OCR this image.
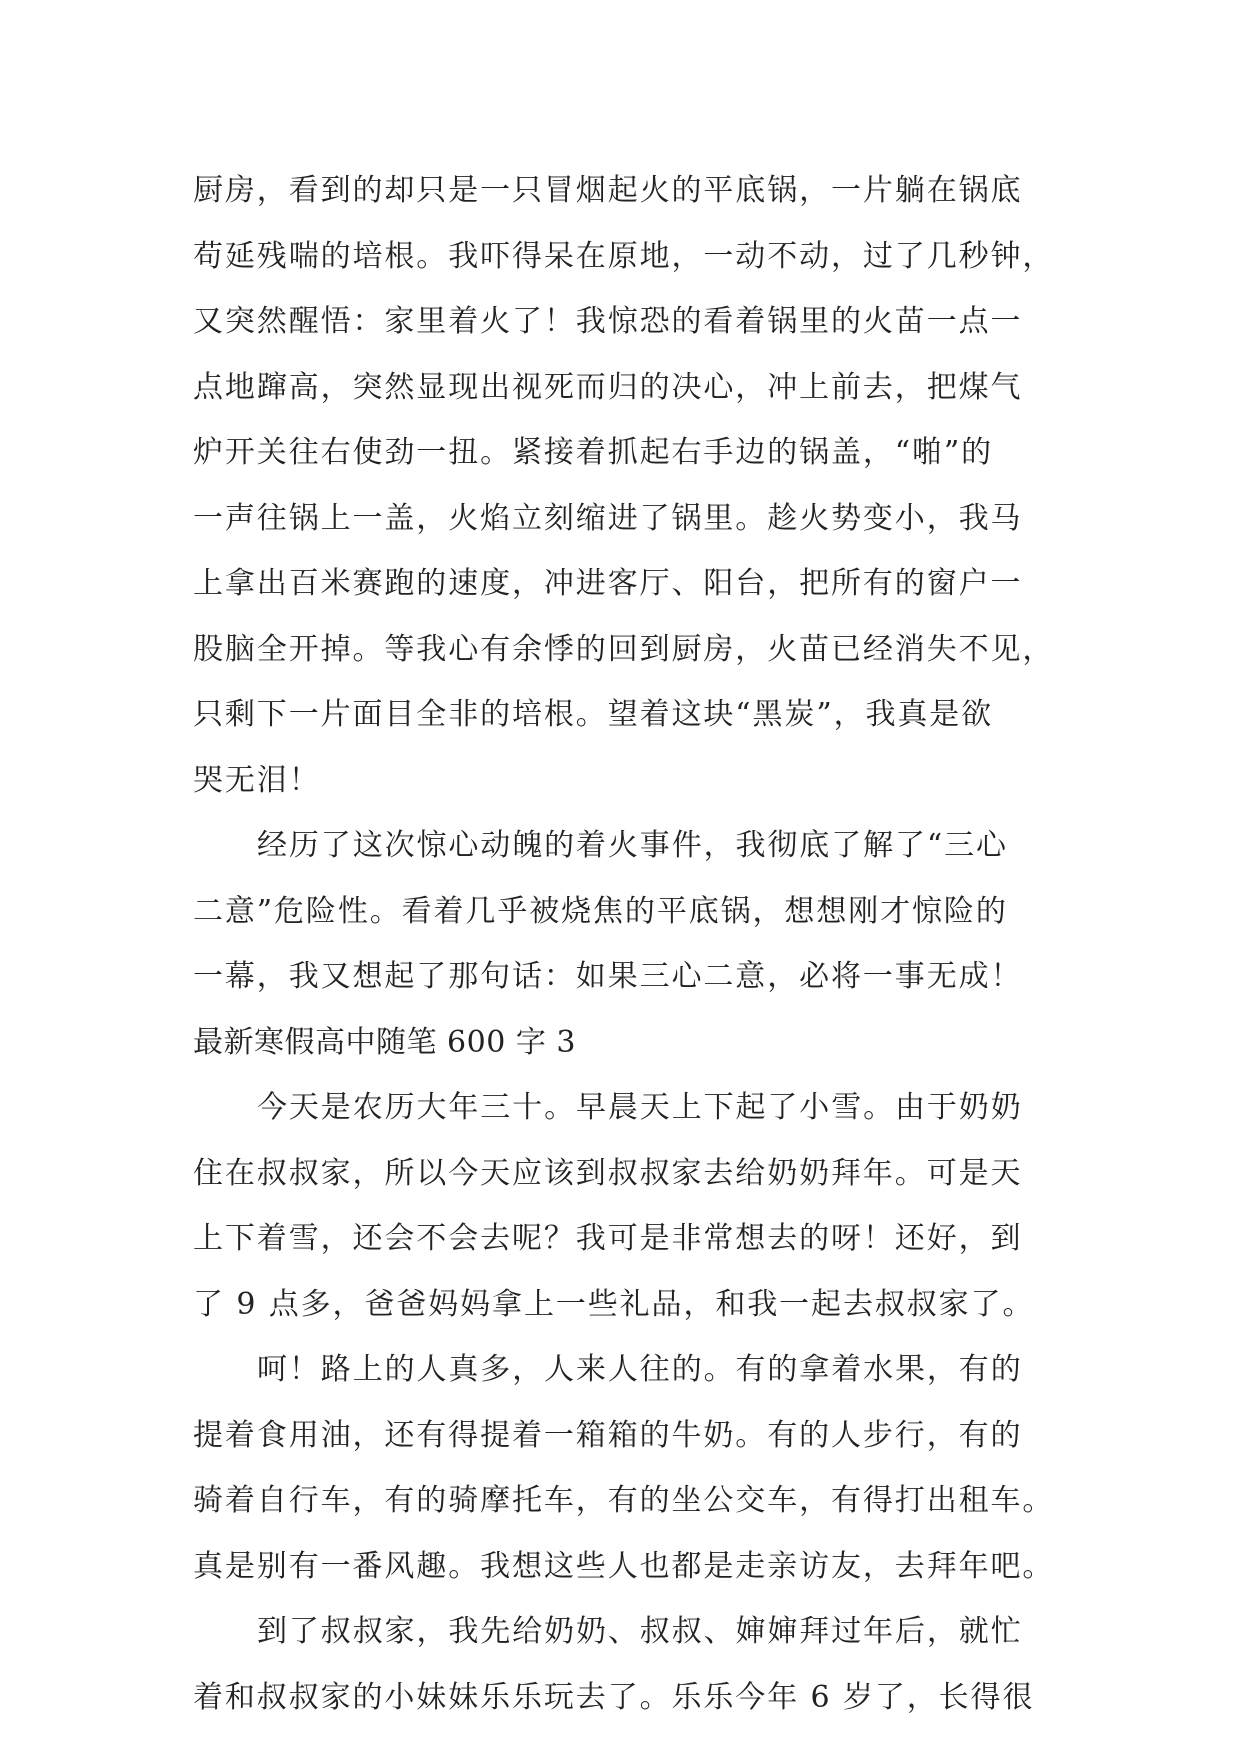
厨房，看到的却只是一只冒烟起火的平底锅，一片躺在锅底
苟延残喘的培根。我吓得呆在原地，一动不动，过了几秒钟，
又突然醒悟：家里着火了！我惊恐的看着锅里的火苗一点一
点地蹿高，突然显现出视死而归的决心，冲上前去，把煤气
炉开关往右使劲一扭。紧接着抓起右手边的锅盖，“啪”的
一声往锅上一盖，火焰立刻缩进了锅里。趁火势变小，我马
上拿出百米赛跑的速度，冲进客厅、阳台，把所有的窗户一
股脑全开掉。等我心有余悸的回到厨房，火苗已经消失不见，
只剩下一片面目全非的培根。望着这块“黑炭”，我真是欲
哭无泪！
经历了这次惊心动魄的着火事件，我彻底了解了“三心
二意”危险性。看着几乎被烧焦的平底锅，想想刚才惊险的
一幕，我又想起了那句话：如果三心二意，必将一事无成！
最新寒假高中随笔 600 字 3
今天是农历大年三十。早晨天上下起了小雪。由于奶奶
住在叔叔家，所以今天应该到叔叔家去给奶奶拜年。可是天
上下着雪，还会不会去呢？我可是非常想去的呀！还好，到
了 9 点多，爸爸妈妈拿上一些礼品，和我一起去叔叔家了。
呵！路上的人真多，人来人往的。有的拿着水果，有的
提着食用油，还有得提着一箱箱的牛奶。有的人步行，有的
骑着自行车，有的骑摩托车，有的坐公交车，有得打出租车。
真是别有一番风趣。我想这些人也都是走亲访友，去拜年吧。
到了叔叔家，我先给奶奶、叔叔、婶婶拜过年后，就忙
着和叔叔家的小妹妹乐乐玩去了。乐乐今年 6 岁了，长得很
